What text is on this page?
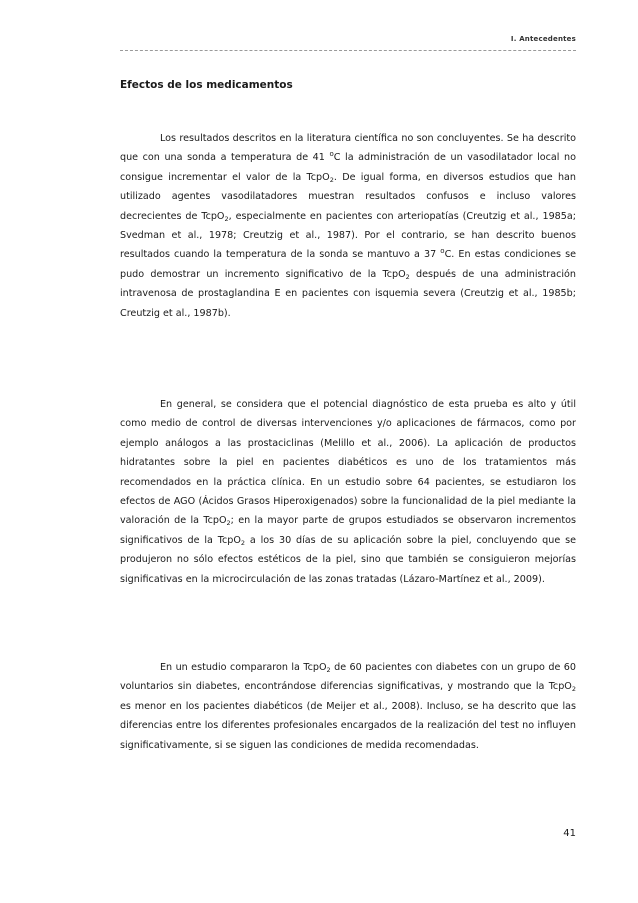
I. Antecedentes
Efectos de los medicamentos

Los resultados descritos en la literatura científica no son concluyentes. Se ha descrito que con una sonda a temperatura de 41 $^o$C la administración de un vasodilatador local no consigue incrementar el valor de la TcpO$_2$. De igual forma, en diversos estudios que han utilizado agentes vasodilatadores muestran resultados confusos e incluso valores decrecientes de TcpO$_2$, especialmente en pacientes con arteriopatías (Creutzig et al., 1985a; Svedman et al., 1978; Creutzig et al., 1987). Por el contrario, se han descrito buenos resultados cuando la temperatura de la sonda se mantuvo a 37 $^o$C. En estas condiciones se pudo demostrar un incremento significativo de la TcpO$_2$ después de una administración intravenosa de prostaglandina E en pacientes con isquemia severa (Creutzig et al., 1985b; Creutzig et al., 1987b).

En general, se considera que el potencial diagnóstico de esta prueba es alto y útil como medio de control de diversas intervenciones y/o aplicaciones de fármacos, como por ejemplo análogos a las prostaciclinas (Melillo et al., 2006). La aplicación de productos hidratantes sobre la piel en pacientes diabéticos es uno de los tratamientos más recomendados en la práctica clínica. En un estudio sobre 64 pacientes, se estudiaron los efectos de AGO (Ácidos Grasos Hiperoxigenados) sobre la funcionalidad de la piel mediante la valoración de la TcpO$_2$; en la mayor parte de grupos estudiados se observaron incrementos significativos de la TcpO$_2$ a los 30 días de su aplicación sobre la piel, concluyendo que se produjeron no sólo efectos estéticos de la piel, sino que también se consiguieron mejorías significativas en la microcirculación de las zonas tratadas (Lázaro-Martínez et al., 2009).

En un estudio compararon la TcpO$_2$ de 60 pacientes con diabetes con un grupo de 60 voluntarios sin diabetes, encontrándose diferencias significativas, y mostrando que la TcpO$_2$ es menor en los pacientes diabéticos (de Meijer et al., 2008). Incluso, se ha descrito que las diferencias entre los diferentes profesionales encargados de la realización del test no influyen significativamente, si se siguen las condiciones de medida recomendadas.

41
